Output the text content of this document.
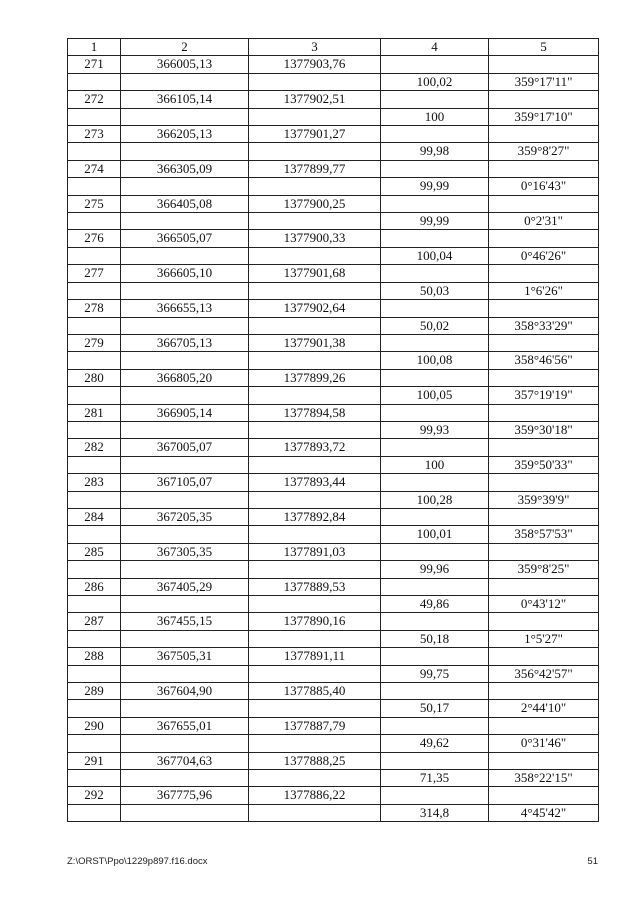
1	2	3	4	5
271	366005,13	1377903,76		
			100,02	359°17'11"
272	366105,14	1377902,51		
			100	359°17'10"
273	366205,13	1377901,27		
			99,98	359°8'27"
274	366305,09	1377899,77		
			99,99	0°16'43"
275	366405,08	1377900,25		
			99,99	0°2'31"
276	366505,07	1377900,33		
			100,04	0°46'26"
277	366605,10	1377901,68		
			50,03	1°6'26"
278	366655,13	1377902,64		
			50,02	358°33'29"
279	366705,13	1377901,38		
			100,08	358°46'56"
280	366805,20	1377899,26		
			100,05	357°19'19"
281	366905,14	1377894,58		
			99,93	359°30'18"
282	367005,07	1377893,72		
			100	359°50'33"
283	367105,07	1377893,44		
			100,28	359°39'9"
284	367205,35	1377892,84		
			100,01	358°57'53"
285	367305,35	1377891,03		
			99,96	359°8'25"
286	367405,29	1377889,53		
			49,86	0°43'12"
287	367455,15	1377890,16		
			50,18	1°5'27"
288	367505,31	1377891,11		
			99,75	356°42'57"
289	367604,90	1377885,40		
			50,17	2°44'10"
290	367655,01	1377887,79		
			49,62	0°31'46"
291	367704,63	1377888,25		
			71,35	358°22'15"
292	367775,96	1377886,22		
			314,8	4°45'42"
Z:\ORST\Ppo\1229p897.f16.docx	51
